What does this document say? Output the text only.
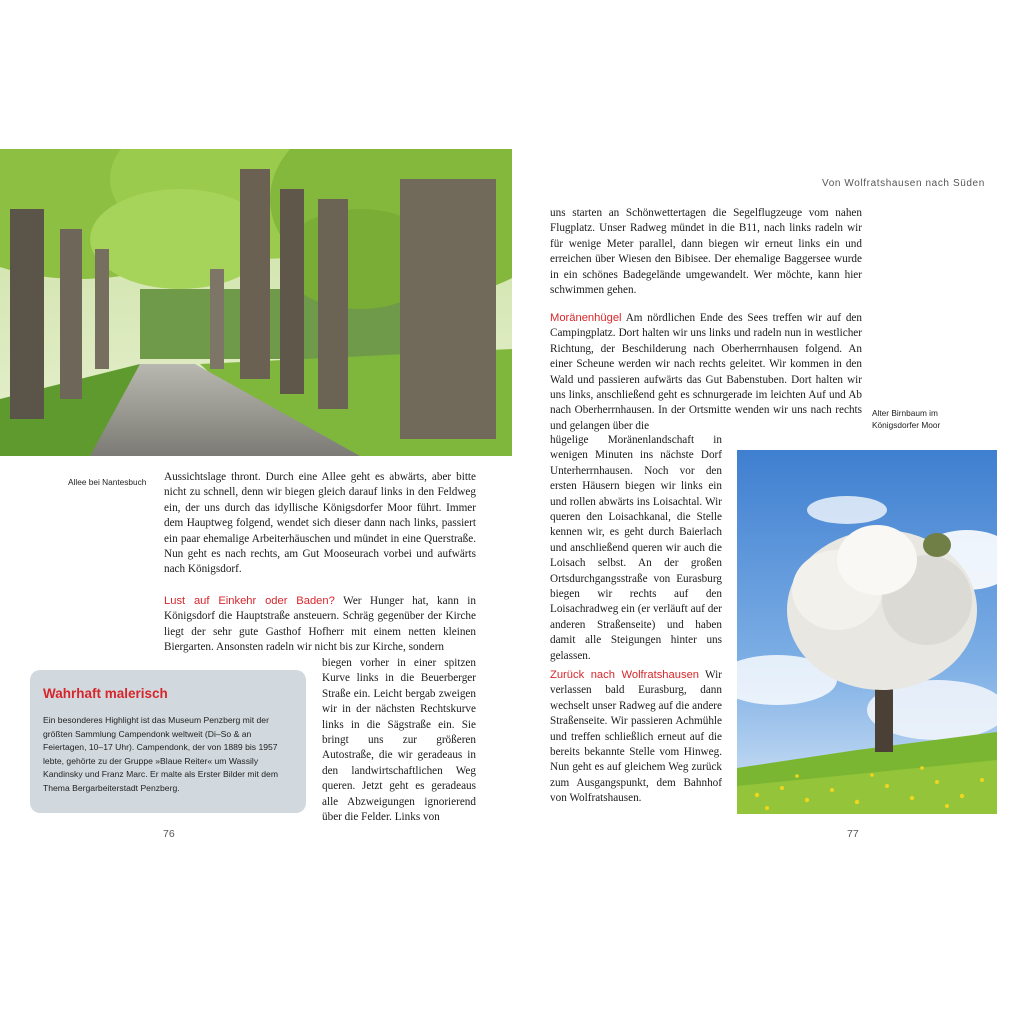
Allee bei Nantesbuch	Aussichtslage thront. Durch eine Allee geht es abwärts, aber bitte nicht zu schnell, denn wir biegen gleich darauf links in den Feldweg ein, der uns durch das idyllische Königsdorfer Moor führt. Immer dem Hauptweg folgend, wendet sich dieser dann nach links, passiert ein paar ehemalige Arbeiterhäuschen und mündet in eine Querstraße. Nun geht es nach rechts, am Gut Mooseurach vorbei und aufwärts nach Königsdorf.

Lust auf Einkehr oder Baden? Wer Hunger hat, kann in Königsdorf die Hauptstraße ansteuern. Schräg gegenüber der Kirche liegt der sehr gute Gasthof Hofherr mit einem netten kleinen Biergarten. Ansonsten radeln wir nicht bis zur Kirche, sondern

biegen vorher in einer spitzen Kurve links in die Beuerberger Straße ein. Leicht bergab zweigen wir in der nächsten Rechtskurve links in die Sägstraße ein. Sie bringt uns zur größeren Autostraße, die wir geradeaus in den landwirtschaftlichen Weg queren. Jetzt geht es geradeaus alle Abzweigungen ignorierend über die Felder. Links von

Wahrhaft malerisch
Ein besonderes Highlight ist das Museum Penzberg mit der größten Sammlung Campendonk weltweit (Di–So & an Feiertagen, 10–17 Uhr). Campendonk, der von 1889 bis 1957 lebte, gehörte zu der Gruppe »Blaue Reiter« um Wassily Kandinsky und Franz Marc. Er malte als Erster Bilder mit dem Thema Bergarbeiterstadt Penzberg.
76
Von Wolfratshausen nach Süden

uns starten an Schönwettertagen die Segelflugzeuge vom nahen Flugplatz. Unser Radweg mündet in die B11, nach links radeln wir für wenige Meter parallel, dann biegen wir erneut links ein und erreichen über Wiesen den Bibisee. Der ehemalige Baggersee wurde in ein schönes Badegelände umgewandelt. Wer möchte, kann hier schwimmen gehen.

Moränenhügel Am nördlichen Ende des Sees treffen wir auf den Campingplatz. Dort halten wir uns links und radeln nun in westlicher Richtung, der Beschilderung nach Oberherrnhausen folgend. An einer Scheune werden wir nach rechts geleitet. Wir kommen in den Wald und passieren aufwärts das Gut Babenstuben. Dort halten wir uns links, anschließend geht es schnurgerade im leichten Auf und Ab nach Oberherrnhausen. In der Ortsmitte wenden wir uns nach rechts und gelangen über die

hügelige Moränenlandschaft in wenigen Minuten ins nächste Dorf Unterherrnhausen. Noch vor den ersten Häusern biegen wir links ein und rollen abwärts ins Loisachtal. Wir queren den Loisachkanal, die Stelle kennen wir, es geht durch Baierlach und anschließend queren wir auch die Loisach selbst. An der großen Ortsdurchgangsstraße von Eurasburg biegen wir rechts auf den Loisachradweg ein (er verläuft auf der anderen Straßenseite) und haben damit alle Steigungen hinter uns gelassen.

Zurück nach Wolfratshausen Wir verlassen bald Eurasburg, dann wechselt unser Radweg auf die andere Straßenseite. Wir passieren Achmühle und treffen schließlich erneut auf die bereits bekannte Stelle vom Hinweg. Nun geht es auf gleichem Weg zurück zum Ausgangspunkt, dem Bahnhof von Wolfratshausen.

Alter Birnbaum im
Königsdorfer Moor
77
